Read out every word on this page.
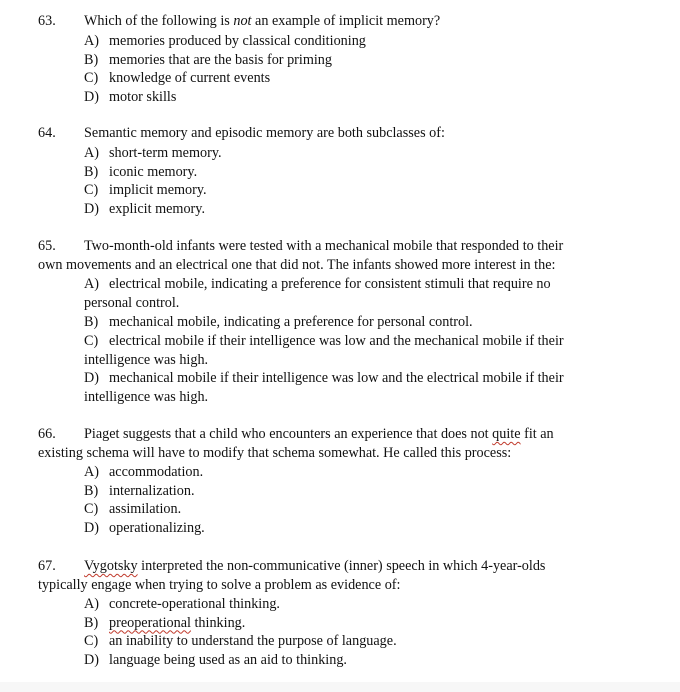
63. Which of the following is not an example of implicit memory?
A) memories produced by classical conditioning
B) memories that are the basis for priming
C) knowledge of current events
D) motor skills
64. Semantic memory and episodic memory are both subclasses of:
A) short-term memory.
B) iconic memory.
C) implicit memory.
D) explicit memory.
65. Two-month-old infants were tested with a mechanical mobile that responded to their
own movements and an electrical one that did not. The infants showed more interest in the:
A) electrical mobile, indicating a preference for consistent stimuli that require no
personal control.
B) mechanical mobile, indicating a preference for personal control.
C) electrical mobile if their intelligence was low and the mechanical mobile if their
intelligence was high.
D) mechanical mobile if their intelligence was low and the electrical mobile if their
intelligence was high.
66. Piaget suggests that a child who encounters an experience that does not quite fit an
existing schema will have to modify that schema somewhat. He called this process:
A) accommodation.
B) internalization.
C) assimilation.
D) operationalizing.
67. Vygotsky interpreted the non-communicative (inner) speech in which 4-year-olds
typically engage when trying to solve a problem as evidence of:
A) concrete-operational thinking.
B) preoperational thinking.
C) an inability to understand the purpose of language.
D) language being used as an aid to thinking.
